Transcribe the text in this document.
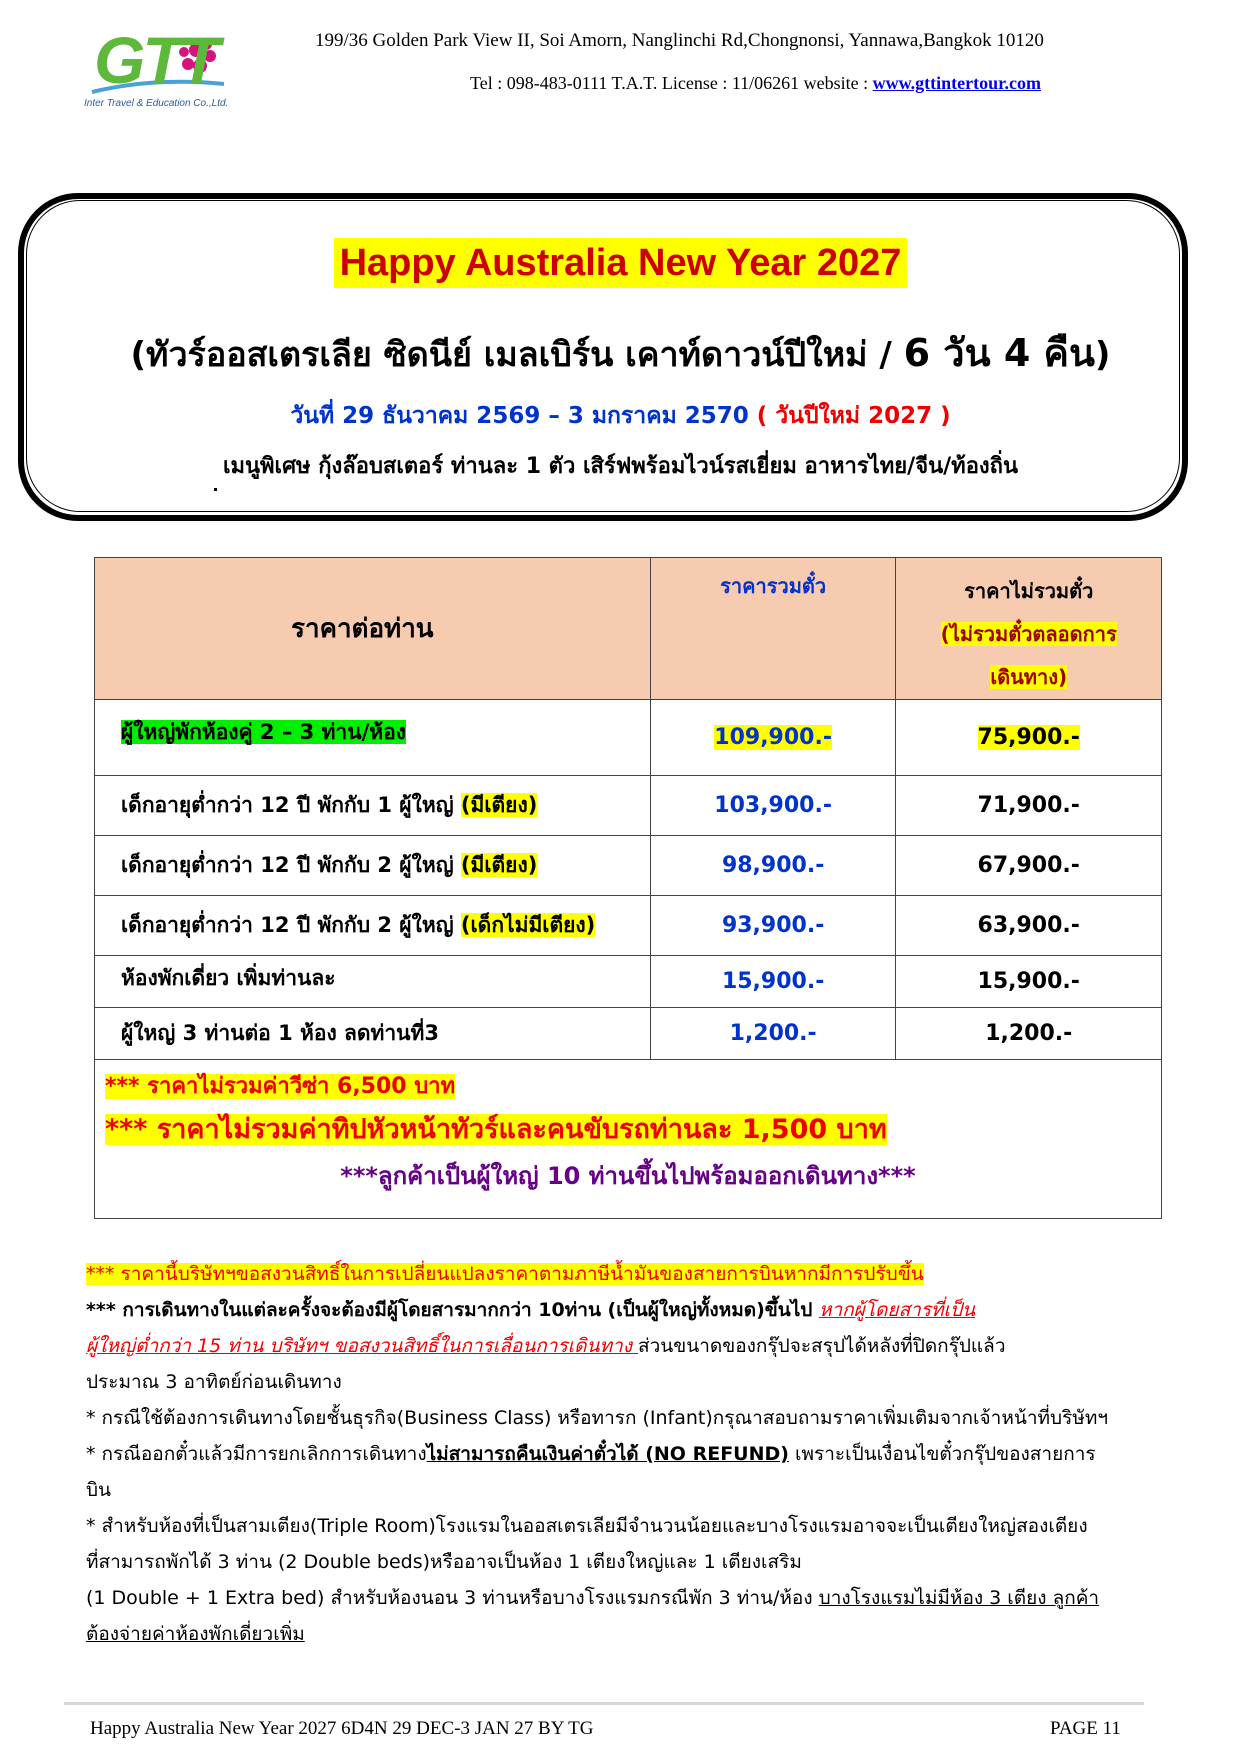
GTT
Inter Travel & Education Co.,Ltd.
199/36 Golden Park View II, Soi Amorn, Nanglinchi Rd,Chongnonsi, Yannawa,Bangkok 10120
Tel : 098-483-0111 T.A.T. License : 11/06261 website : www.gttintertour.com
Happy Australia New Year 2027
(ทัวร์ออสเตรเลีย ซิดนีย์ เมลเบิร์น เคาท์ดาวน์ปีใหม่ / 6 วัน 4 คืน)
วันที่ 29 ธันวาคม 2569 – 3 มกราคม 2570 ( วันปีใหม่ 2027 )
เมนูพิเศษ กุ้งล๊อบสเตอร์ ท่านละ 1 ตัว เสิร์ฟพร้อมไวน์รสเยี่ยม อาหารไทย/จีน/ท้องถิ่น
ราคาต่อท่าน	ราคารวมตั๋ว	ราคาไม่รวมตั๋ว
(ไม่รวมตั๋วตลอดการ
เดินทาง)
ผู้ใหญ่พักห้องคู่ 2 – 3 ท่าน/ห้อง	109,900.-	75,900.-
เด็กอายุต่ำกว่า 12 ปี พักกับ 1 ผู้ใหญ่ (มีเตียง)	103,900.-	71,900.-
เด็กอายุต่ำกว่า 12 ปี พักกับ 2 ผู้ใหญ่ (มีเตียง)	98,900.-	67,900.-
เด็กอายุต่ำกว่า 12 ปี พักกับ 2 ผู้ใหญ่ (เด็กไม่มีเตียง)	93,900.-	63,900.-
ห้องพักเดี่ยว เพิ่มท่านละ	15,900.-	15,900.-
ผู้ใหญ่ 3 ท่านต่อ 1 ห้อง ลดท่านที่3	1,200.-	1,200.-

*** ราคาไม่รวมค่าวีซ่า 6,500 บาท
*** ราคาไม่รวมค่าทิปหัวหน้าทัวร์และคนขับรถท่านละ 1,500 บาท
***ลูกค้าเป็นผู้ใหญ่ 10 ท่านขึ้นไปพร้อมออกเดินทาง***		

*** ราคานี้บริษัทฯขอสงวนสิทธิ์ในการเปลี่ยนแปลงราคาตามภาษีน้ำมันของสายการบินหากมีการปรับขึ้น

*** การเดินทางในแต่ละครั้งจะต้องมีผู้โดยสารมากกว่า 10ท่าน (เป็นผู้ใหญ่ทั้งหมด)ขึ้นไป หากผู้โดยสารที่เป็น
ผู้ใหญ่ต่ำกว่า 15 ท่าน บริษัทฯ ขอสงวนสิทธิ์ในการเลื่อนการเดินทาง ส่วนขนาดของกรุ๊ปจะสรุปได้หลังที่ปิดกรุ๊ปแล้ว
ประมาณ 3 อาทิตย์ก่อนเดินทาง

* กรณีใช้ต้องการเดินทางโดยชั้นธุรกิจ(Business Class) หรือทารก (Infant)กรุณาสอบถามราคาเพิ่มเติมจากเจ้าหน้าที่บริษัทฯ

* กรณีออกตั๋วแล้วมีการยกเลิกการเดินทางไม่สามารถคืนเงินค่าตั๋วได้ (NO REFUND) เพราะเป็นเงื่อนไขตั๋วกรุ๊ปของสายการ
บิน

* สำหรับห้องที่เป็นสามเตียง(Triple Room)โรงแรมในออสเตรเลียมีจำนวนน้อยและบางโรงแรมอาจจะเป็นเตียงใหญ่สองเตียง
ที่สามารถพักได้ 3 ท่าน (2 Double beds)หรืออาจเป็นห้อง 1 เตียงใหญ่และ 1 เตียงเสริม
(1 Double + 1 Extra bed) สำหรับห้องนอน 3 ท่านหรือบางโรงแรมกรณีพัก 3 ท่าน/ห้อง บางโรงแรมไม่มีห้อง 3 เตียง ลูกค้า
ต้องจ่ายค่าห้องพักเดี่ยวเพิ่ม

Happy Australia New Year 2027 6D4N 29 DEC-3 JAN 27 BY TG	PAGE 11
